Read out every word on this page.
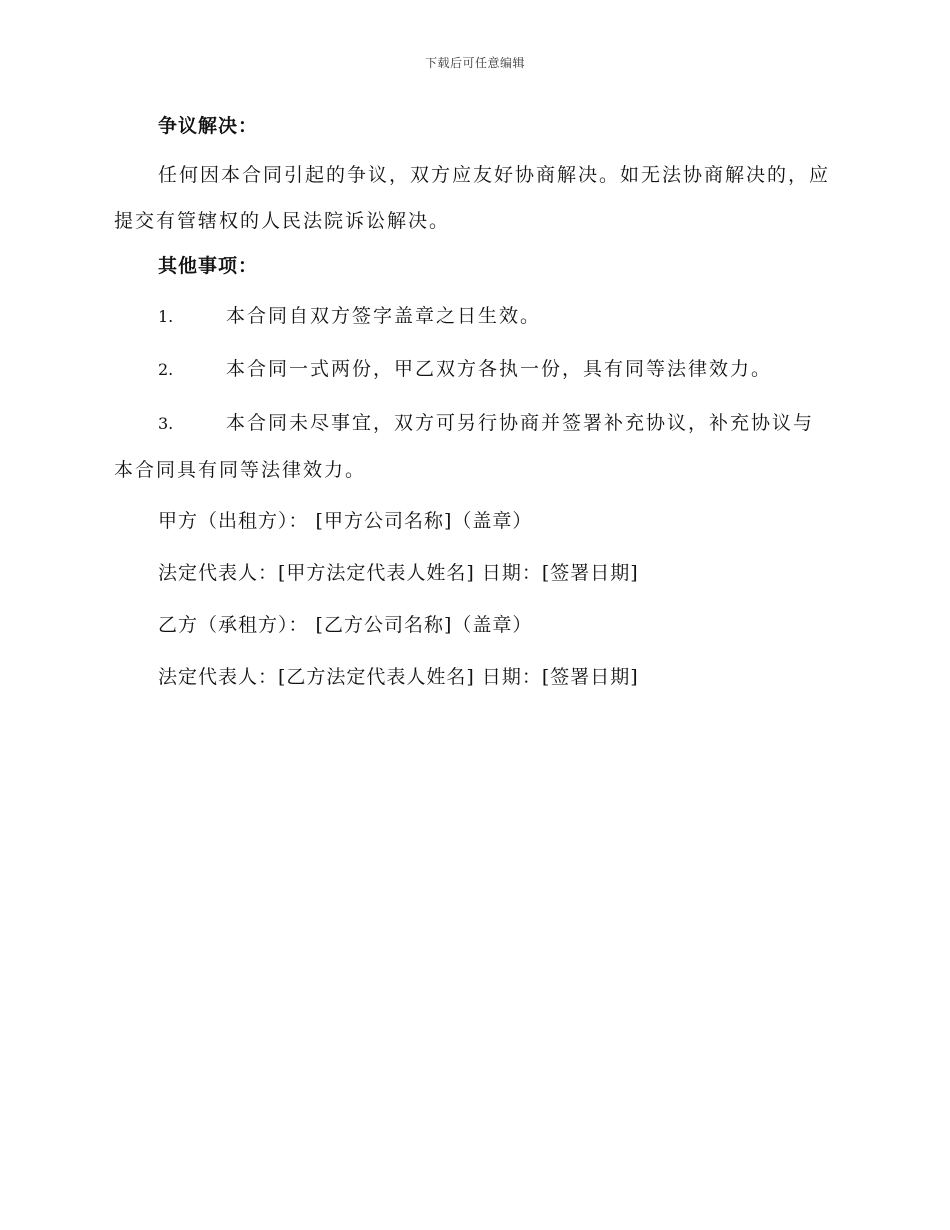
下载后可任意编辑

争议解决：

任何因本合同引起的争议，双方应友好协商解决。如无法协商解决的，应提交有管辖权的人民法院诉讼解决。

其他事项：

1.	本合同自双方签字盖章之日生效。

2.	本合同一式两份，甲乙双方各执一份，具有同等法律效力。

3.	本合同未尽事宜，双方可另行协商并签署补充协议，补充协议与本合同具有同等法律效力。

甲方（出租方）： [甲方公司名称]（盖章）

法定代表人：[甲方法定代表人姓名] 日期：[签署日期]

乙方（承租方）： [乙方公司名称]（盖章）

法定代表人：[乙方法定代表人姓名] 日期：[签署日期]
